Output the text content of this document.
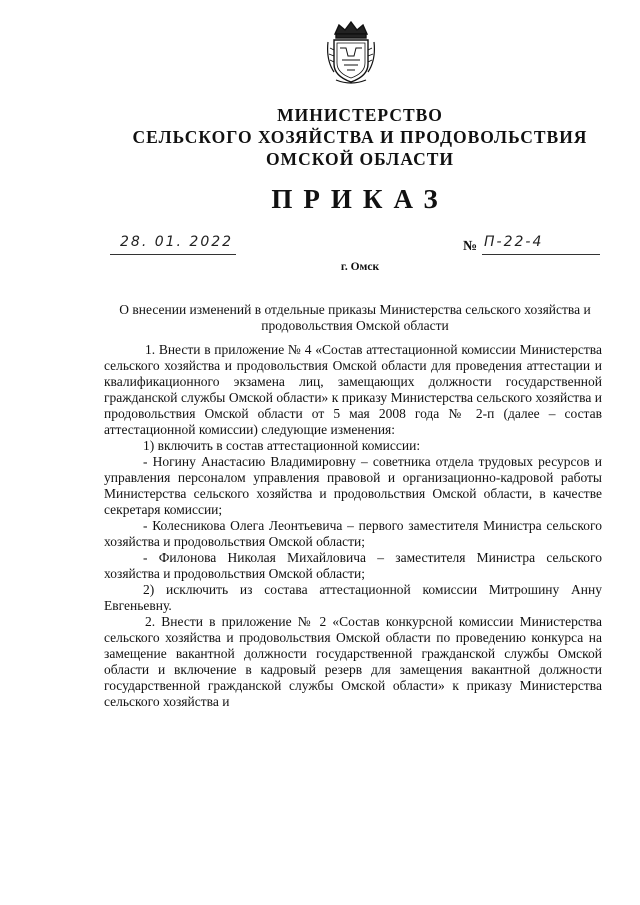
МИНИСТЕРСТВО
СЕЛЬСКОГО ХОЗЯЙСТВА И ПРОДОВОЛЬСТВИЯ
ОМСКОЙ ОБЛАСТИ
ПРИКАЗ
28. 01. 2022	№ П-22-4
г. Омск
О внесении изменений в отдельные приказы Министерства сельского хозяйства и продовольствия Омской области

1. Внести в приложение № 4 «Состав аттестационной комиссии Министерства сельского хозяйства и продовольствия Омской области для проведения аттестации и квалификационного экзамена лиц, замещающих должности государственной гражданской службы Омской области» к приказу Министерства сельского хозяйства и продовольствия Омской области от 5 мая 2008 года № 2-п (далее – состав аттестационной комиссии) следующие изменения:

1) включить в состав аттестационной комиссии:

- Ногину Анастасию Владимировну – советника отдела трудовых ресурсов и управления персоналом управления правовой и организационно-кадровой работы Министерства сельского хозяйства и продовольствия Омской области, в качестве секретаря комиссии;

- Колесникова Олега Леонтьевича – первого заместителя Министра сельского хозяйства и продовольствия Омской области;

- Филонова Николая Михайловича – заместителя Министра сельского хозяйства и продовольствия Омской области;

2) исключить из состава аттестационной комиссии Митрошину Анну Евгеньевну.

2. Внести в приложение № 2 «Состав конкурсной комиссии Министерства сельского хозяйства и продовольствия Омской области по проведению конкурса на замещение вакантной должности государственной гражданской службы Омской области и включение в кадровый резерв для замещения вакантной должности государственной гражданской службы Омской области» к приказу Министерства сельского хозяйства и
